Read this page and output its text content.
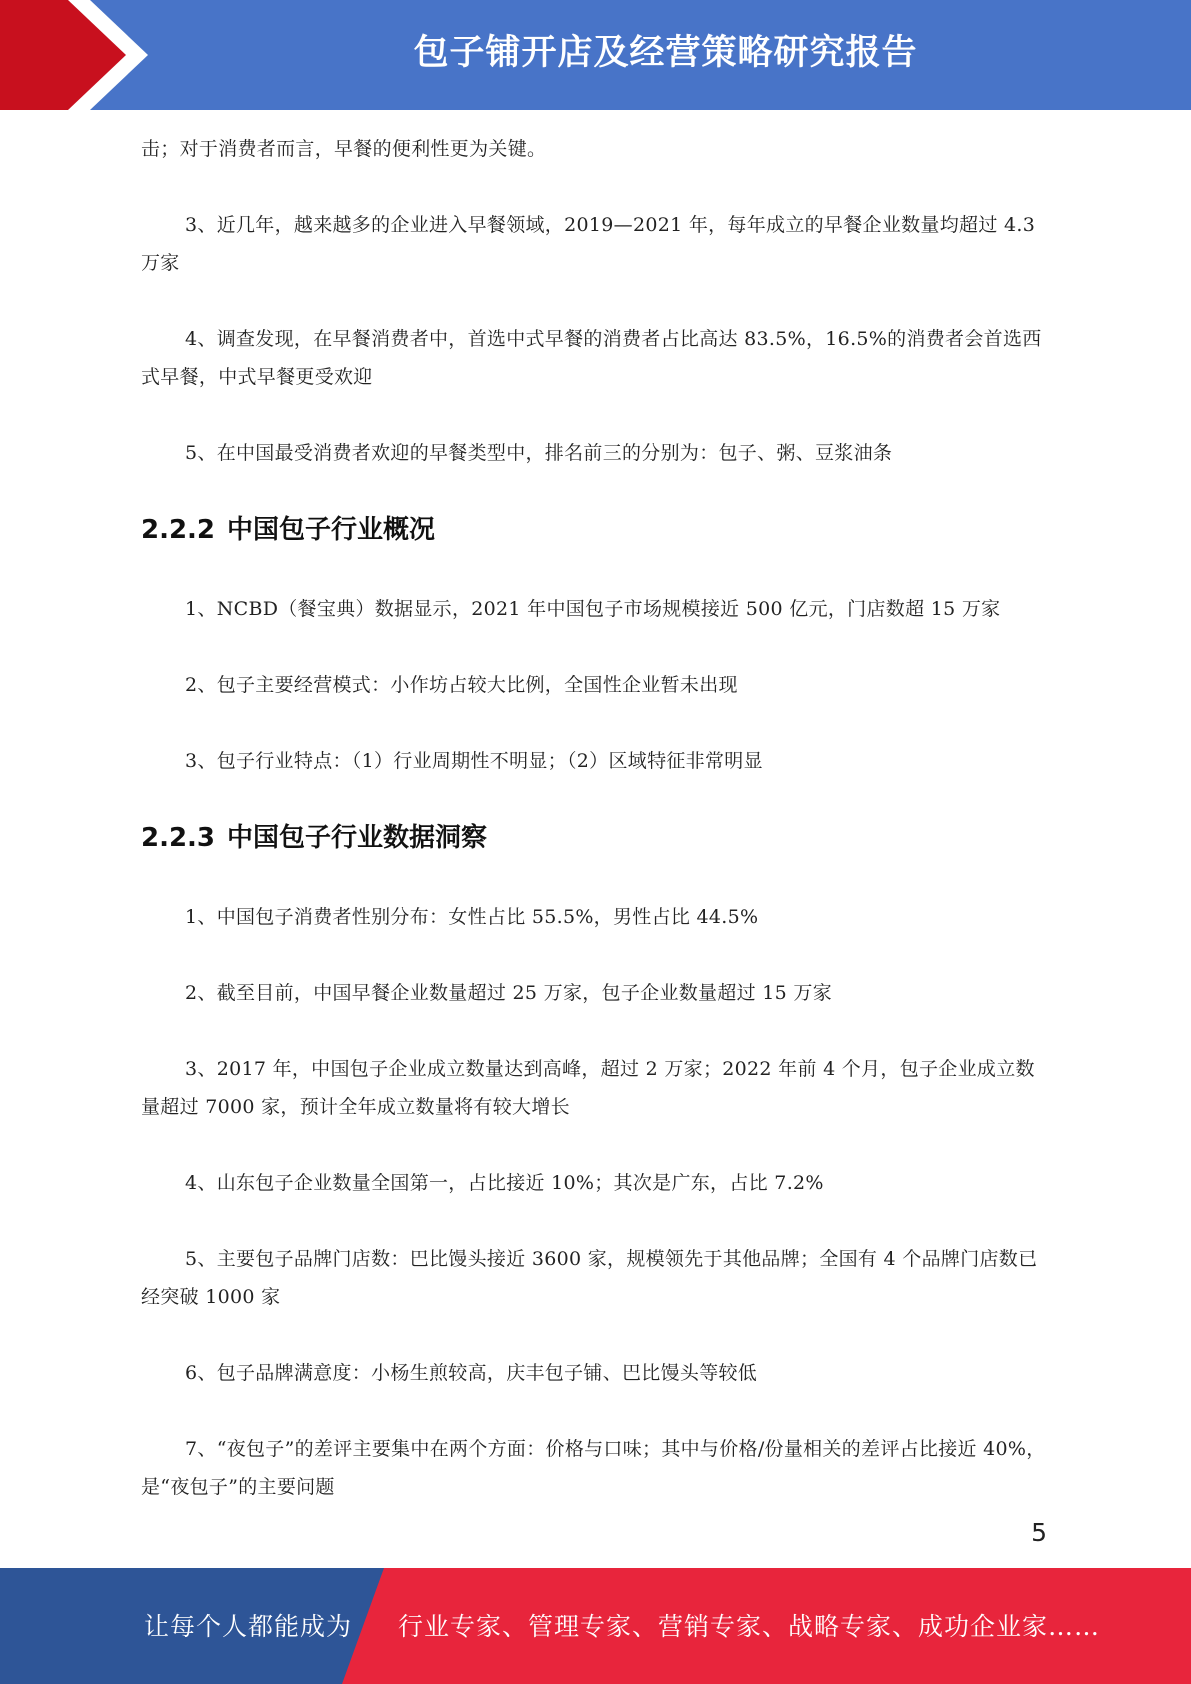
包子铺开店及经营策略研究报告

击；对于消费者而言，早餐的便利性更为关键。

3、近几年，越来越多的企业进入早餐领域，2019—2021 年，每年成立的早餐企业数量均超过 4.3 万家

4、调查发现，在早餐消费者中，首选中式早餐的消费者占比高达 83.5%，16.5%的消费者会首选西式早餐，中式早餐更受欢迎

5、在中国最受消费者欢迎的早餐类型中，排名前三的分别为：包子、粥、豆浆油条

2.2.2 中国包子行业概况

1、NCBD（餐宝典）数据显示，2021 年中国包子市场规模接近 500 亿元，门店数超 15 万家

2、包子主要经营模式：小作坊占较大比例，全国性企业暂未出现

3、包子行业特点：（1）行业周期性不明显；（2）区域特征非常明显

2.2.3 中国包子行业数据洞察

1、中国包子消费者性别分布：女性占比 55.5%，男性占比 44.5%

2、截至目前，中国早餐企业数量超过 25 万家，包子企业数量超过 15 万家

3、2017 年，中国包子企业成立数量达到高峰，超过 2 万家；2022 年前 4 个月，包子企业成立数量超过 7000 家，预计全年成立数量将有较大增长

4、山东包子企业数量全国第一，占比接近 10%；其次是广东，占比 7.2%

5、主要包子品牌门店数：巴比馒头接近 3600 家，规模领先于其他品牌；全国有 4 个品牌门店数已经突破 1000 家

6、包子品牌满意度：小杨生煎较高，庆丰包子铺、巴比馒头等较低

7、“夜包子”的差评主要集中在两个方面：价格与口味；其中与价格/份量相关的差评占比接近 40%，是“夜包子”的主要问题

5
让每个人都能成为 行业专家、管理专家、营销专家、战略专家、成功企业家……
